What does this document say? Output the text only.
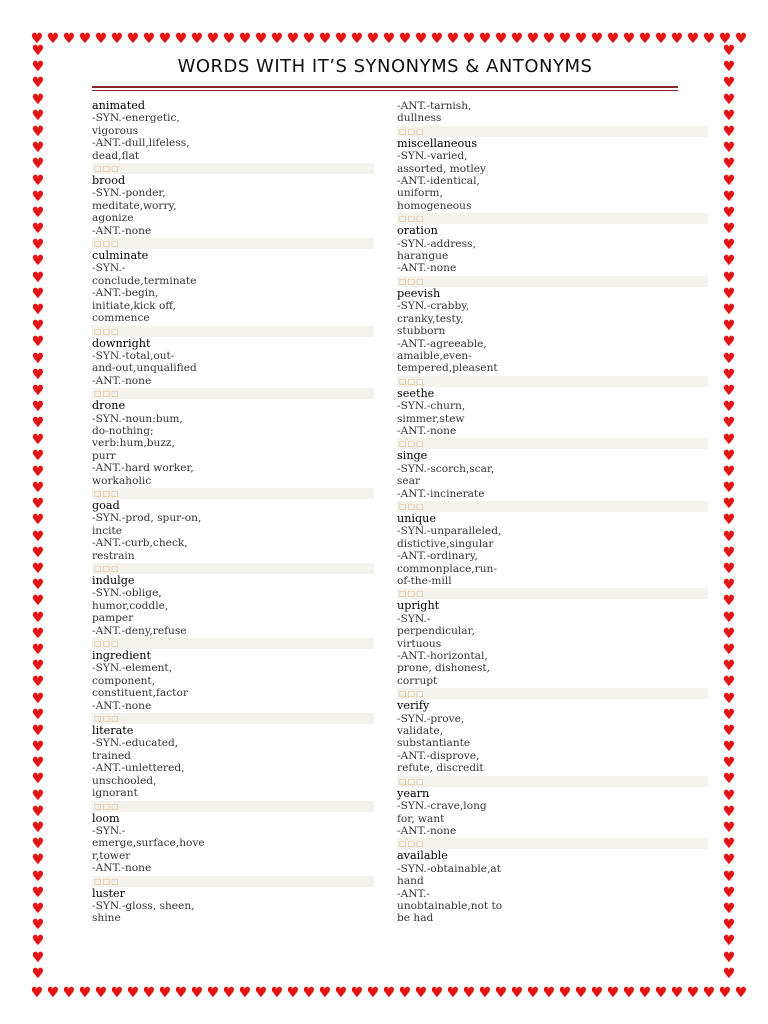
♥ ♥ ♥ ♥ ♥ ♥ ♥ ♥ ♥ ♥ ♥ ♥ ♥ ♥ ♥ ♥ ♥ ♥ ♥ ♥ ♥ ♥ ♥ ♥ ♥ ♥ ♥ ♥ ♥ ♥ ♥ ♥ ♥ ♥ ♥ ♥ ♥ ♥ ♥ ♥ ♥ ♥ ♥ ♥ ♥
♥ ♥ ♥ ♥ ♥ ♥ ♥ ♥ ♥ ♥ ♥ ♥ ♥ ♥ ♥ ♥ ♥ ♥ ♥ ♥ ♥ ♥ ♥ ♥ ♥ ♥ ♥ ♥ ♥ ♥ ♥ ♥ ♥ ♥ ♥ ♥ ♥ ♥ ♥ ♥ ♥ ♥ ♥ ♥ ♥
♥
♥
♥
♥
♥
♥
♥
♥
♥
♥
♥
♥
♥
♥
♥
♥
♥
♥
♥
♥
♥
♥
♥
♥
♥
♥
♥
♥
♥
♥
♥
♥
♥
♥
♥
♥
♥
♥
♥
♥
♥
♥
♥
♥
♥
♥
♥
♥
♥
♥
♥
♥
♥
♥
♥
♥
♥
♥
♥
♥
♥
♥
♥
♥
♥
♥
♥
♥
♥
♥
♥
♥
♥
♥
♥
♥
♥
♥
♥
♥
♥
♥
♥
♥
♥
♥
♥
♥
♥
♥
♥
♥
♥
♥
♥
♥
♥
♥
♥
♥
♥
♥
♥
♥
♥
♥
♥
♥
♥
♥
♥
♥
♥
♥
♥
♥
WORDS WITH IT’S SYNONYMS & ANTONYMS
animated
-SYN.-energetic,
vigorous
-ANT.-dull,lifeless,
dead,flat
□□□
brood
-SYN.-ponder,
meditate,worry,
agonize
-ANT.-none
□□□
culminate
-SYN.-
conclude,terminate
-ANT.-begin,
initiate,kick off,
commence
□□□
downright
-SYN.-total,out-
and-out,unqualified
-ANT.-none
□□□
drone
-SYN.-noun:bum,
do-nothing;
verb:hum,buzz,
purr
-ANT.-hard worker,
workaholic
□□□
goad
-SYN.-prod, spur-on,
incite
-ANT.-curb,check,
restrain
□□□
indulge
-SYN.-oblige,
humor,coddle,
pamper
-ANT.-deny,refuse
□□□
ingredient
-SYN.-element,
component,
constituent,factor
-ANT.-none
□□□
literate
-SYN.-educated,
trained
-ANT.-unlettered,
unschooled,
ignorant
□□□
loom
-SYN.-
emerge,surface,hove
r,tower
-ANT.-none
□□□
luster
-SYN.-gloss, sheen,
shine
-ANT.-tarnish,
dullness
□□□
miscellaneous
-SYN.-varied,
assorted, motley
-ANT.-identical,
uniform,
homogeneous
□□□
oration
-SYN.-address,
harangue
-ANT.-none
□□□
peevish
-SYN.-crabby,
cranky,testy,
stubborn
-ANT.-agreeable,
amaible,even-
tempered,pleasent
□□□
seethe
-SYN.-churn,
simmer,stew
-ANT.-none
□□□
singe
-SYN.-scorch,scar,
sear
-ANT.-incinerate
□□□
unique
-SYN.-unparalleled,
distictive,singular
-ANT.-ordinary,
commonplace,run-
of-the-mill
□□□
upright
-SYN.-
perpendicular,
virtuous
-ANT.-horizontal,
prone, dishonest,
corrupt
□□□
verify
-SYN.-prove,
validate,
substantiante
-ANT.-disprove,
refute, discredit
□□□
yearn
-SYN.-crave,long
for, want
-ANT.-none
□□□
available
-SYN.-obtainable,at
hand
-ANT.-
unobtainable,not to
be had
